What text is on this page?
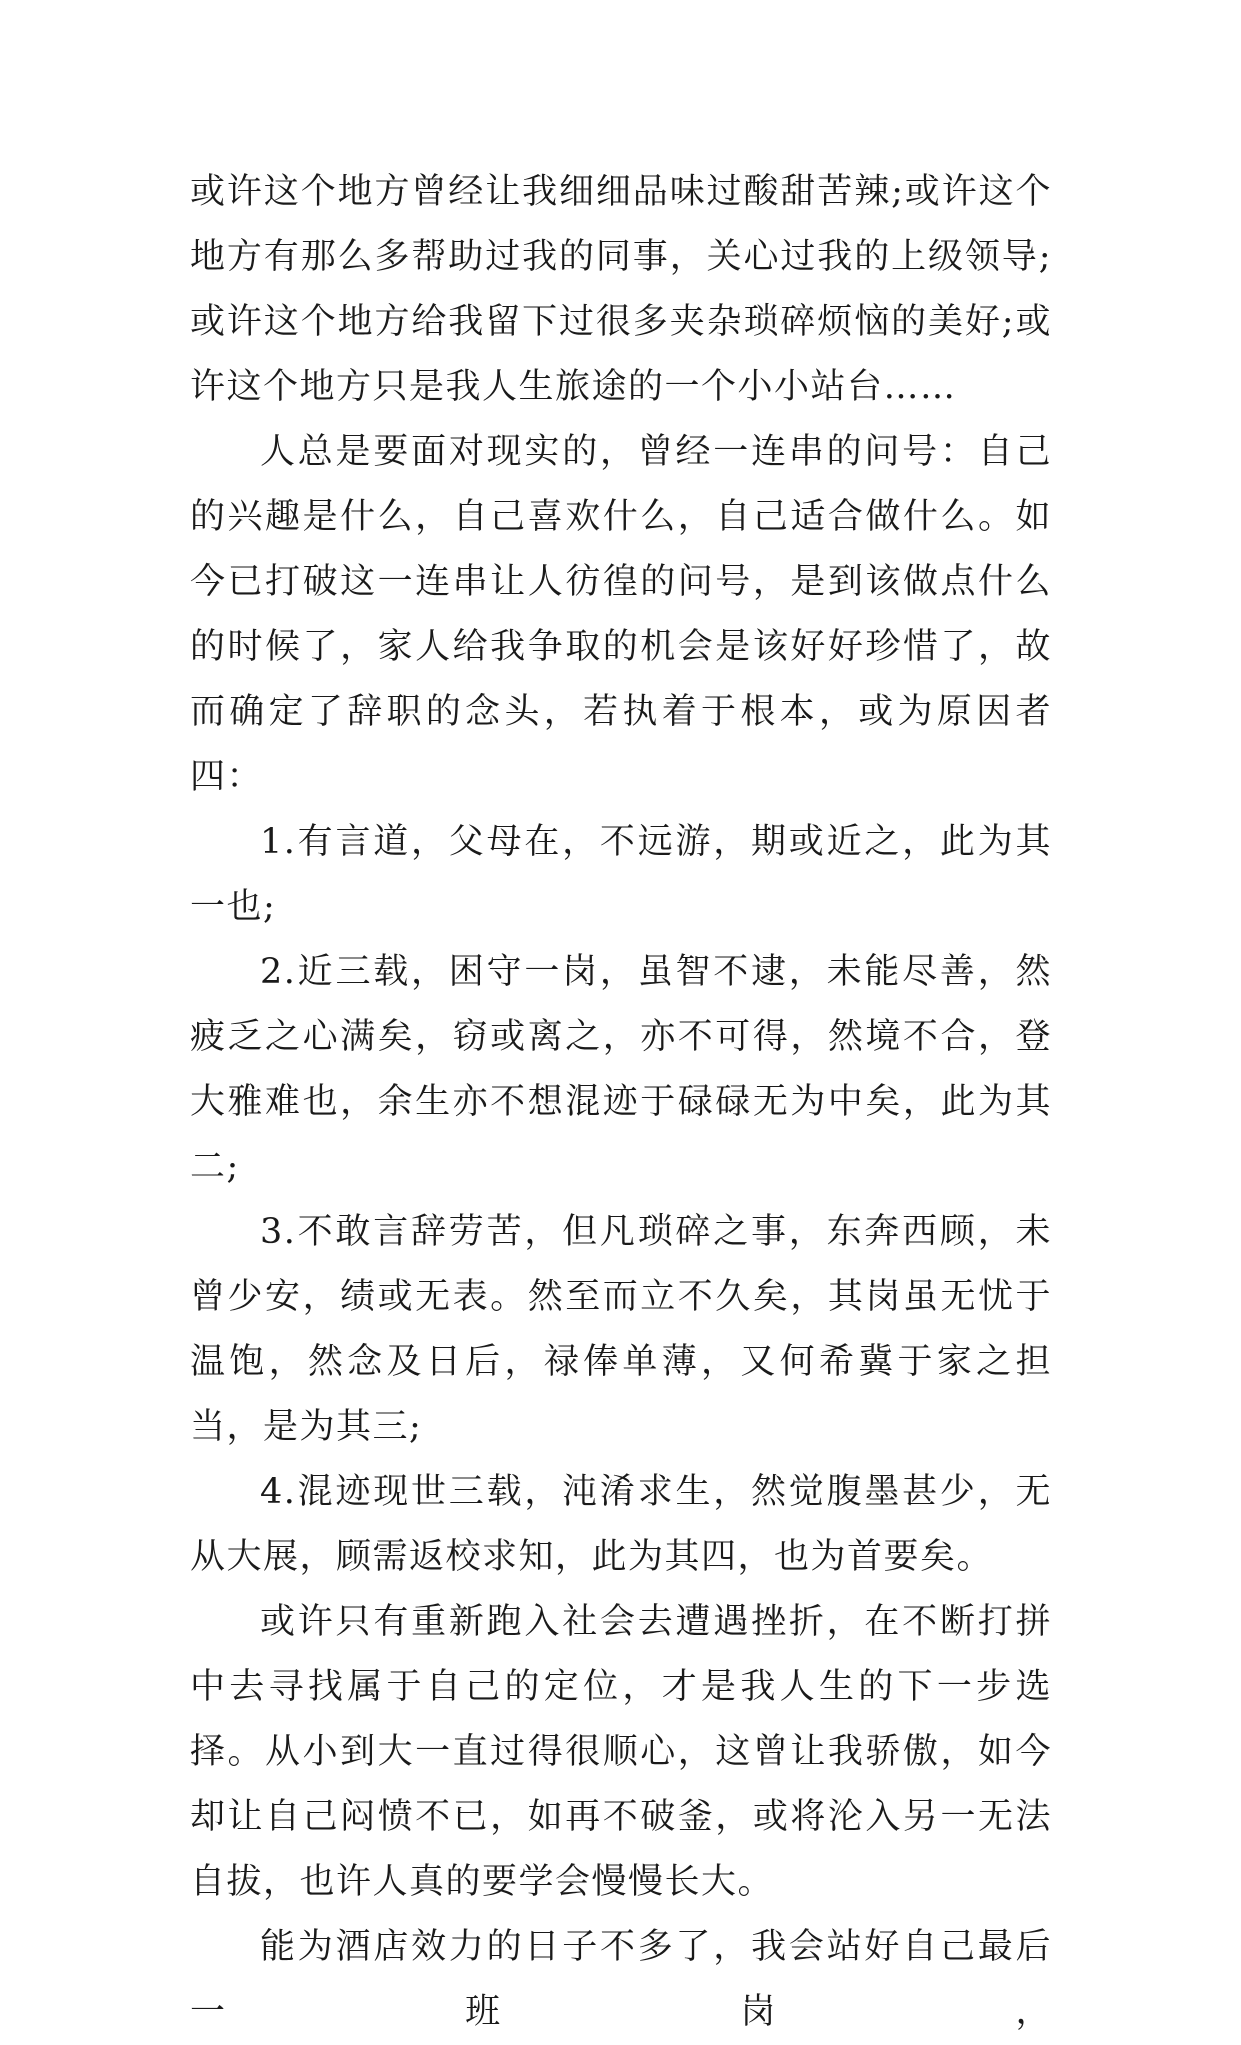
或许这个地方曾经让我细细品味过酸甜苦辣;或许这个地方有那么多帮助过我的同事，关心过我的上级领导;或许这个地方给我留下过很多夹杂琐碎烦恼的美好;或许这个地方只是我人生旅途的一个小小站台……

人总是要面对现实的，曾经一连串的问号：自己的兴趣是什么，自己喜欢什么，自己适合做什么。如今已打破这一连串让人彷徨的问号，是到该做点什么的时候了，家人给我争取的机会是该好好珍惜了，故而确定了辞职的念头，若执着于根本，或为原因者四：

1.有言道，父母在，不远游，期或近之，此为其一也;

2.近三载，困守一岗，虽智不逮，未能尽善，然疲乏之心满矣，窃或离之，亦不可得，然境不合，登大雅难也，余生亦不想混迹于碌碌无为中矣，此为其二;

3.不敢言辞劳苦，但凡琐碎之事，东奔西顾，未曾少安，绩或无表。然至而立不久矣，其岗虽无忧于温饱，然念及日后，禄俸单薄，又何希冀于家之担当，是为其三;

4.混迹现世三载，沌淆求生，然觉腹墨甚少，无从大展，顾需返校求知，此为其四，也为首要矣。

或许只有重新跑入社会去遭遇挫折，在不断打拼中去寻找属于自己的定位，才是我人生的下一步选择。从小到大一直过得很顺心，这曾让我骄傲，如今却让自己闷愤不已，如再不破釜，或将沦入另一无法自拔，也许人真的要学会慢慢长大。

能为酒店效力的日子不多了，我会站好自己最后一班岗，
